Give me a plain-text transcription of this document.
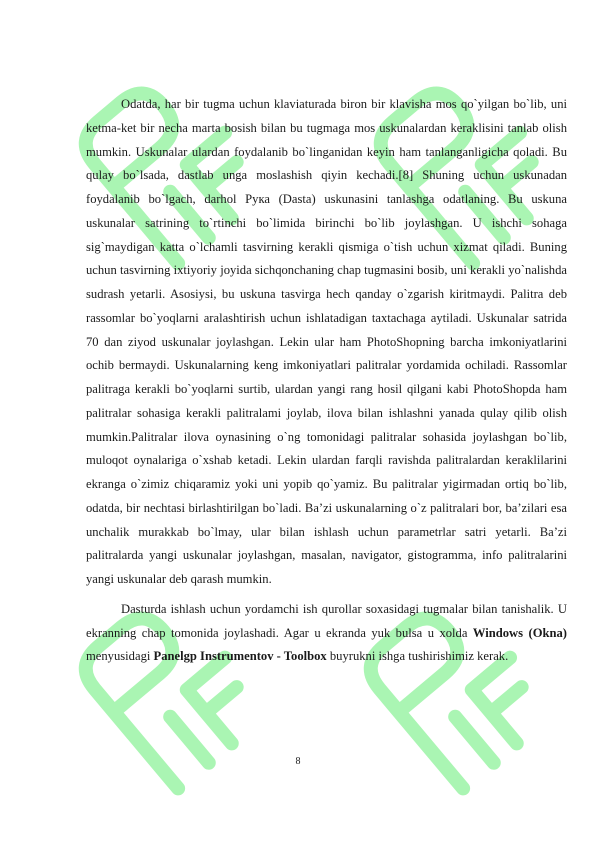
Odatda, har bir tugma uchun klaviaturada biron bir klavisha mos qo`yilgan bo`lib, uni ketma-ket bir necha marta bosish bilan bu tugmaga mos uskunalardan keraklisini tanlab olish mumkin. Uskunalar ulardan foydalanib bo`linganidan keyin ham tanlanganligicha qoladi. Bu qulay bo`lsada, dastlab unga moslashish qiyin kechadi.[8] Shuning uchun uskunadan foydalanib bo`lgach, darhol Рука (Dasta) uskunasini tanlashga odatlaning. Bu uskuna uskunalar satrining to`rtinchi bo`limida birinchi bo`lib joylashgan. U ishchi sohaga sig`maydigan katta o`lchamli tasvirning kerakli qismiga o`tish uchun xizmat qiladi. Buning uchun tasvirning ixtiyoriy joyida sichqonchaning chap tugmasini bosib, uni kerakli yo`nalishda sudrash yetarli. Asosiysi, bu uskuna tasvirga hech qanday o`zgarish kiritmaydi. Palitra deb rassomlar bo`yoqlarni aralashtirish uchun ishlatadigan taxtachaga aytiladi. Uskunalar satrida 70 dan ziyod uskunalar joylashgan. Lekin ular ham PhotoShopning barcha imkoniyatlarini ochib bermaydi. Uskunalarning keng imkoniyatlari palitralar yordamida ochiladi. Rassomlar palitraga kerakli bo`yoqlarni surtib, ulardan yangi rang hosil qilgani kabi PhotoShopda ham palitralar sohasiga kerakli palitralami joylab, ilova bilan ishlashni yanada qulay qilib olish mumkin.Palitralar ilova oynasining o`ng tomonidagi palitralar sohasida joylashgan bo`lib, muloqot oynalariga o`xshab ketadi. Lekin ulardan farqli ravishda palitralardan keraklilarini ekranga o`zimiz chiqaramiz yoki uni yopib qo`yamiz. Bu palitralar yigirmadan ortiq bo`lib, odatda, bir nechtasi birlashtirilgan bo`ladi. Ba’zi uskunalarning o`z palitralari bor, ba’zilari esa unchalik murakkab bo`lmay, ular bilan ishlash uchun parametrlar satri yetarli. Ba’zi palitralarda yangi uskunalar joylashgan, masalan, navigator, gistogramma, info palitralarini yangi uskunalar deb qarash mumkin.

Dasturda ishlash uchun yordamchi ish qurollar soxasidagi tugmalar bilan tanishalik. U ekranning chap tomonida joylashadi. Agar u ekranda yuk bulsa u xolda Windows (Okna) menyusidagi Panelgp Instrumentov - Toolbox buyrukni ishga tushirishimiz kerak.

8
